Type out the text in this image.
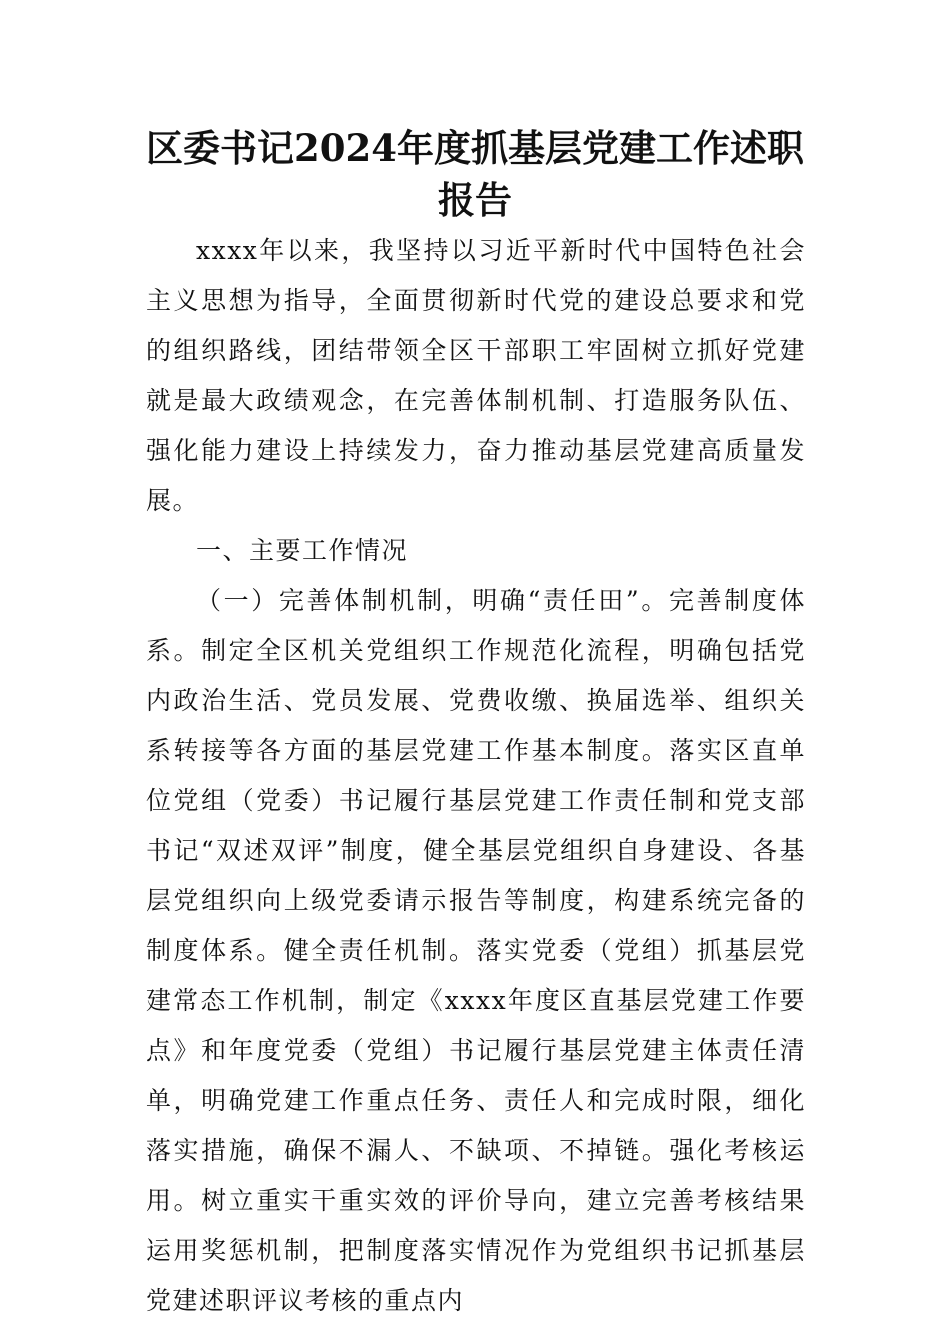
区委书记2024年度抓基层党建工作述职报告

xxxx年以来，我坚持以习近平新时代中国特色社会主义思想为指导，全面贯彻新时代党的建设总要求和党的组织路线，团结带领全区干部职工牢固树立抓好党建就是最大政绩观念，在完善体制机制、打造服务队伍、强化能力建设上持续发力，奋力推动基层党建高质量发展。

一、主要工作情况

（一）完善体制机制，明确“责任田”。完善制度体系。制定全区机关党组织工作规范化流程，明确包括党内政治生活、党员发展、党费收缴、换届选举、组织关系转接等各方面的基层党建工作基本制度。落实区直单位党组（党委）书记履行基层党建工作责任制和党支部书记“双述双评”制度，健全基层党组织自身建设、各基层党组织向上级党委请示报告等制度，构建系统完备的制度体系。健全责任机制。落实党委（党组）抓基层党建常态工作机制，制定《xxxx年度区直基层党建工作要点》和年度党委（党组）书记履行基层党建主体责任清单，明确党建工作重点任务、责任人和完成时限，细化落实措施，确保不漏人、不缺项、不掉链。强化考核运用。树立重实干重实效的评价导向，建立完善考核结果运用奖惩机制，把制度落实情况作为党组织书记抓基层党建述职评议考核的重点内
